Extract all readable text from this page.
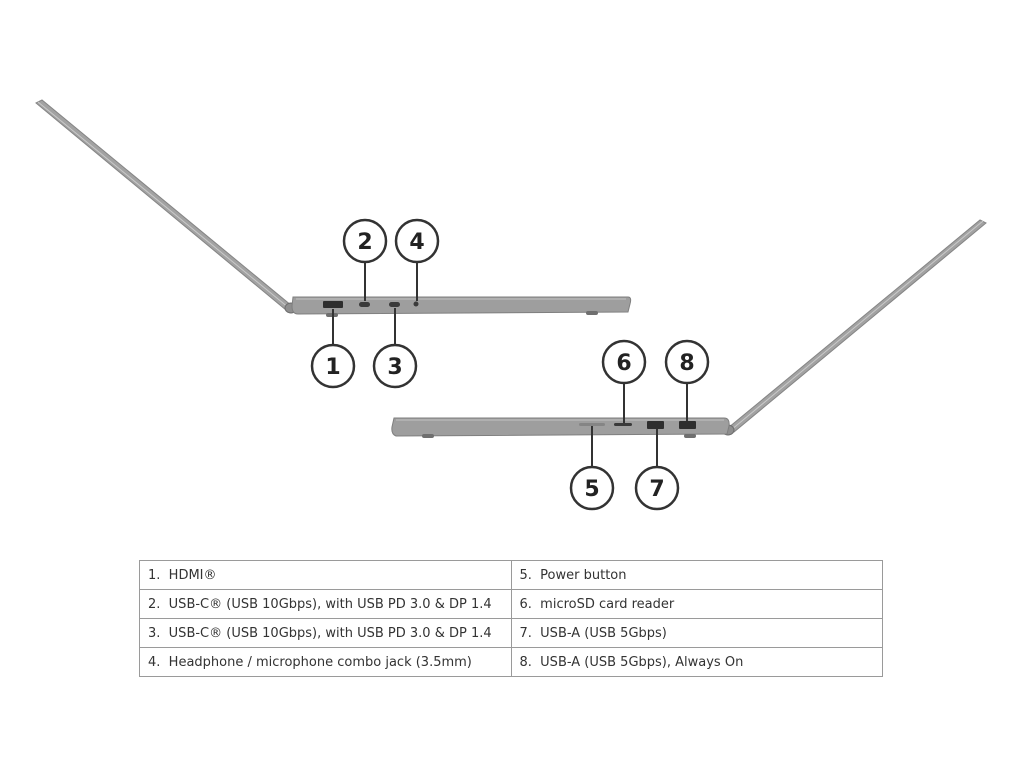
2 4
1 3	6 8
5 7
1. HDMI®	5. Power button
2. USB-C® (USB 10Gbps), with USB PD 3.0 & DP 1.4	6. microSD card reader
3. USB-C® (USB 10Gbps), with USB PD 3.0 & DP 1.4	7. USB-A (USB 5Gbps)
4. Headphone / microphone combo jack (3.5mm)	8. USB-A (USB 5Gbps), Always On
